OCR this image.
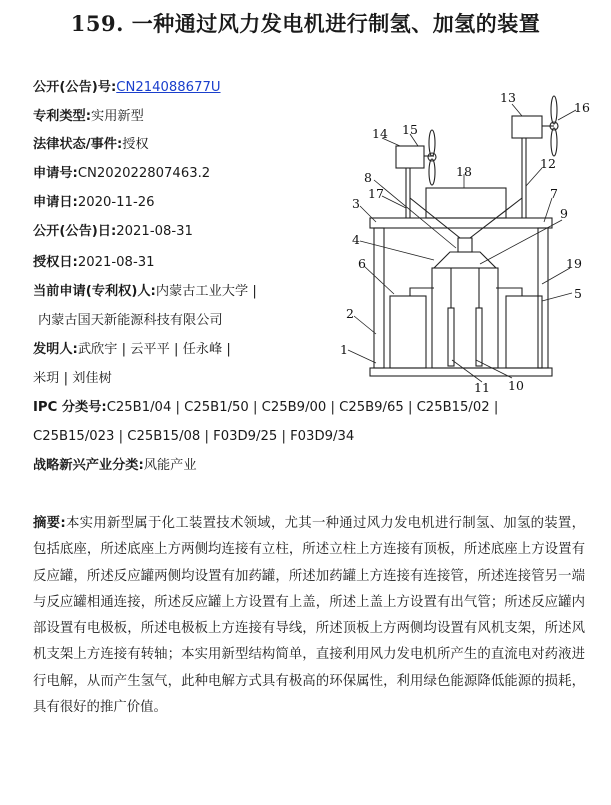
159. 一种通过风力发电机进行制氢、加氢的装置
公开(公告)号:CN214088677U
专利类型:实用新型
法律状态/事件:授权
申请号:CN202022807463.2
申请日:2020-11-26
公开(公告)日:2021-08-31
授权日:2021-08-31
当前申请(专利权)人:内蒙古工业大学 |
内蒙古国天新能源科技有限公司
发明人:武欣宇 | 云平平 | 任永峰 |
米玥 | 刘佳树
IPC 分类号:C25B1/04 | C25B1/50 | C25B9/00 | C25B9/65 | C25B15/02 |
C25B15/023 | C25B15/08 | F03D9/25 | F03D9/34
战略新兴产业分类:风能产业
1
2
3
4
5
6
7
8
9
10
11
12
13
14 15
16
17
18
19
摘要:本实用新型属于化工装置技术领域，尤其一种通过风力发电机进行制氢、加氢的装置，包括底座，所述底座上方两侧均连接有立柱，所述立柱上方连接有顶板，所述底座上方设置有反应罐，所述反应罐两侧均设置有加药罐，所述加药罐上方连接有连接管，所述连接管另一端与反应罐相通连接，所述反应罐上方设置有上盖，所述上盖上方设置有出气管；所述反应罐内部设置有电极板，所述电极板上方连接有导线，所述顶板上方两侧均设置有风机支架，所述风机支架上方连接有转轴；本实用新型结构简单，直接利用风力发电机所产生的直流电对药液进行电解，从而产生氢气，此种电解方式具有极高的环保属性，利用绿色能源降低能源的损耗，具有很好的推广价值。
